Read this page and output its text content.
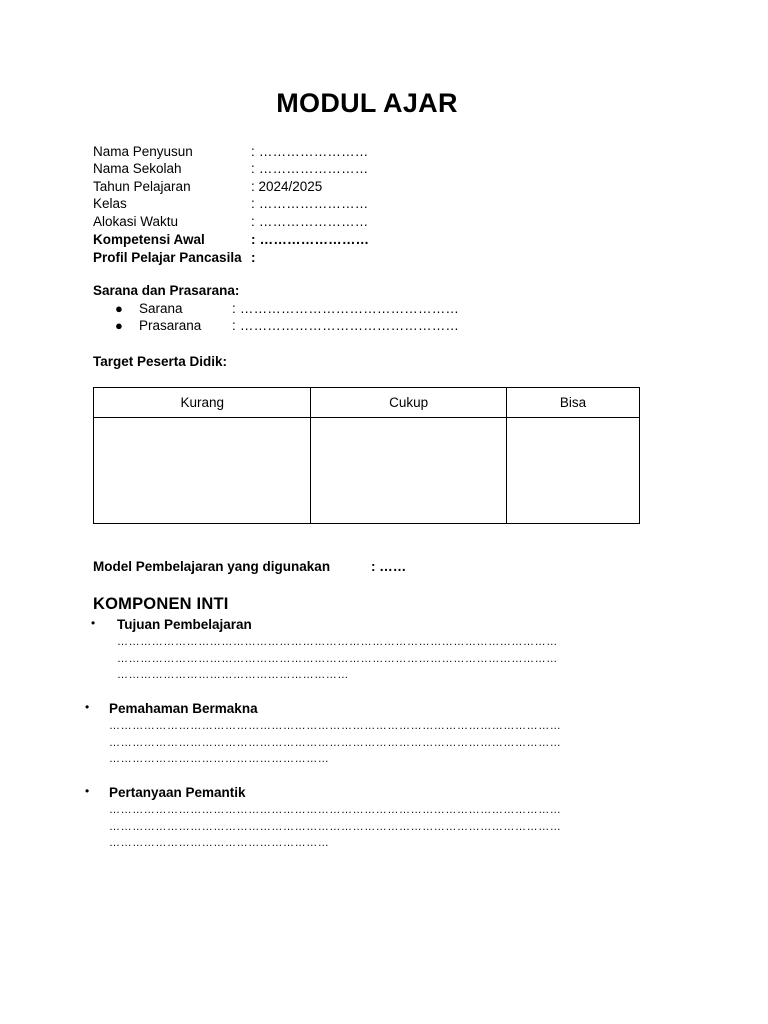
MODUL AJAR
Nama Penyusun	: ……………………
Nama Sekolah	: ……………………
Tahun Pelajaran	: 2024/2025
Kelas	: ……………………
Alokasi Waktu	: ……………………
Kompetensi Awal	: ……………………
Profil Pelajar Pancasila :
Sarana dan Prasarana:
● Sarana	: …………………………………………
● Prasarana : …………………………………………
Target Peserta Didik:
Kurang	Cukup	Bisa

Model Pembelajaran yang digunakan	: ……
KOMPONEN INTI
• Tujuan Pembelajaran
……………………………………………………………………………………………………
……………………………………………………………………………………………………
……………………………………………………
• Pemahaman Bermakna
………………………………………………………………………………………………………
………………………………………………………………………………………………………
…………………………………………………
• Pertanyaan Pemantik
………………………………………………………………………………………………………
………………………………………………………………………………………………………
…………………………………………………
